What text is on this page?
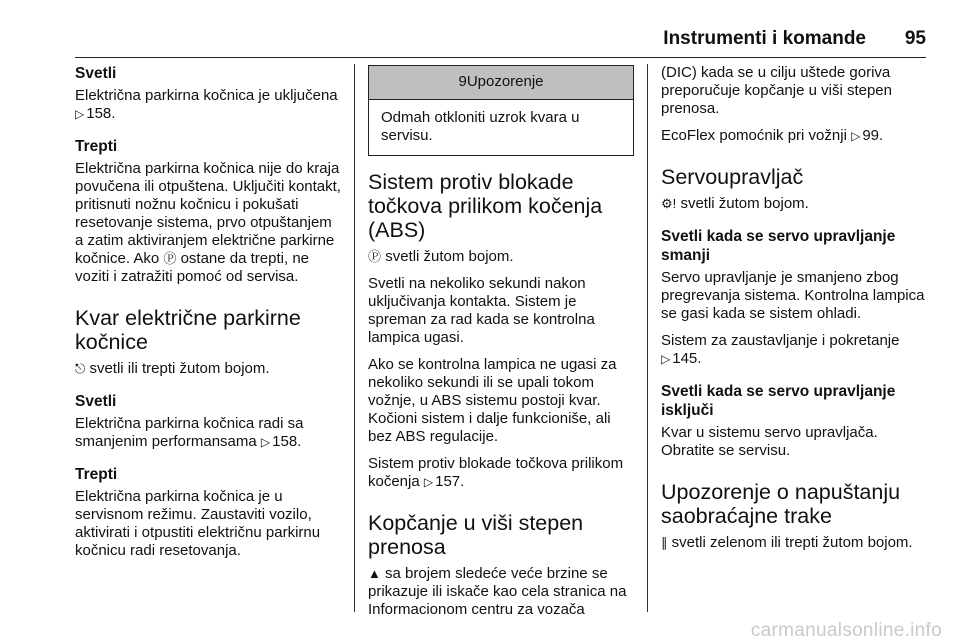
Instrumenti i komande 95
Svetli

Električna parkirna kočnica je uključena ▷ 158.

Trepti

Električna parkirna kočnica nije do kraja povučena ili otpuštena. Uključiti kontakt, pritisnuti nožnu kočnicu i pokušati resetovanje sistema, prvo otpuštanjem a zatim aktiviranjem električne parkirne kočnice. Ako Ⓟ ostane da trepti, ne voziti i zatražiti pomoć od servisa.

Kvar električne parkirne kočnice

⎋ svetli ili trepti žutom bojom.

Svetli

Električna parkirna kočnica radi sa smanjenim performansama ▷ 158.

Trepti

Električna parkirna kočnica je u servisnom režimu. Zaustaviti vozilo, aktivirati i otpustiti električnu parkirnu kočnicu radi resetovanja.

9Upozorenje
Odmah otkloniti uzrok kvara u servisu.
Sistem protiv blokade točkova prilikom kočenja (ABS)

Ⓟ svetli žutom bojom.

Svetli na nekoliko sekundi nakon uključivanja kontakta. Sistem je spreman za rad kada se kontrolna lampica ugasi.

Ako se kontrolna lampica ne ugasi za nekoliko sekundi ili se upali tokom vožnje, u ABS sistemu postoji kvar. Kočioni sistem i dalje funkcioniše, ali bez ABS regulacije.

Sistem protiv blokade točkova prilikom kočenja ▷ 157.

Kopčanje u viši stepen prenosa

▲ sa brojem sledeće veće brzine se prikazuje ili iskače kao cela stranica na Informacionom centru za vozača

(DIC) kada se u cilju uštede goriva preporučuje kopčanje u viši stepen prenosa.

EcoFlex pomoćnik pri vožnji ▷ 99.

Servoupravljač

⚙! svetli žutom bojom.

Svetli kada se servo upravljanje smanji

Servo upravljanje je smanjeno zbog pregrevanja sistema. Kontrolna lampica se gasi kada se sistem ohladi.

Sistem za zaustavljanje i pokretanje ▷ 145.

Svetli kada se servo upravljanje isključi

Kvar u sistemu servo upravljača. Obratite se servisu.

Upozorenje o napuštanju saobraćajne trake

∥ svetli zelenom ili trepti žutom bojom.

carmanualsonline.info
